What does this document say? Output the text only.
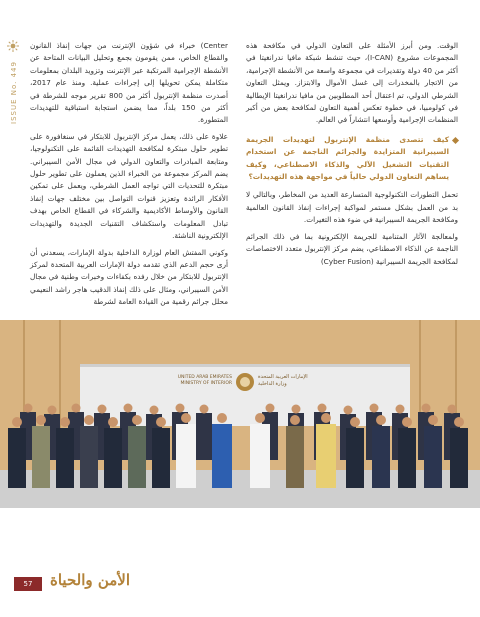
ISSUE No. 449

الوقت. ومن أبرز الأمثلة على التعاون الدولي في مكافحة هذه المجموعات مشروع (I-CAN)، حيث تنشط شبكة مافيا ندرانغيتا في أكثر من 40 دولة وتقديرات في مجموعة واسعة من الأنشطة الإجرامية، من الاتجار بالمخدرات إلى غسل الأموال والابتزاز. ويمثل التعاون الشرطي الدولي، تم اعتقال أحد المطلوبين من مافيا ندرانغيتا الإيطالية في كولومبيا، في خطوة تعكس أهمية التعاون لمكافحة بعض من أكبر المنظمات الإجرامية وأوسعها انتشاراً في العالم.

كيف تتصدى منظمة الإنتربول لتهديدات الجريمة السيبرانية المتزايدة والجرائم الناجمة عن استخدام التقنيات التشغيل الآلي والذكاء الاصطناعي، وكيف يساهم التعاون الدولي حالياً في مواجهة هذه التهديدات؟

تحمل التطورات التكنولوجية المتسارعة العديد من المخاطر، وبالتالي لا بد من العمل بشكل مستمر لمواكبة إجراءات إنفاذ القانون العالمية ومكافحة الجريمة السيبرانية في ضوء هذه التغيرات.

ولمعالجة الآثار المتنامية للجريمة الإلكترونية بما في ذلك الجرائم الناجمة عن الذكاء الاصطناعي، يضم مركز الإنتربول متعدد الاختصاصات لمكافحة الجريمة السيبرانية (Cyber Fusion)

Center) خبراء في شؤون الإنترنت من جهات إنفاذ القانون والقطاع الخاص، ممن يقومون بجمع وتحليل البيانات المتاحة عن الأنشطة الإجرامية المرتكبة عبر الإنترنت وتزويد البلدان بمعلومات متكاملة يمكن تحويلها إلى إجراءات عملية. ومنذ عام 2017، أصدرت منظمة الإنتربول أكثر من 800 تقرير موجه للشرطة في أكثر من 150 بلداً، مما يضمن استجابة استباقية للتهديدات المتطورة.

علاوة على ذلك، يعمل مركز الإنتربول للابتكار في سنغافورة على تطوير حلول مبتكرة لمكافحة التهديدات القائمة على التكنولوجيا، ومتابعة المبادرات والتعاون الدولي في مجال الأمن السيبراني. يضم المركز مجموعة من الخبراء الذين يعملون على تطوير حلول مبتكرة للتحديات التي تواجه العمل الشرطي، ويعمل على تمكين الأفكار الرائدة وتعزيز قنوات التواصل بين مختلف جهات إنفاذ القانون والأوساط الأكاديمية والشركاء في القطاع الخاص بهدف تبادل المعلومات واستكشاف التقنيات الجديدة والتهديدات الإلكترونية الناشئة.

وكوني المفتش العام لوزارة الداخلية بدولة الإمارات، يسعدني أن أرى حجم الدعم الذي تقدمه دولة الإمارات العربية المتحدة لمركز الإنتربول للابتكار من خلال رفده بكفاءات وخبرات وطنية في مجال الأمن السيبراني، ومثال على ذلك إنفاذ الدقيب هاجر راشد النعيمي محلل جرائم رقمية من القيادة العامة لشرطة

UNITED ARAB EMIRATES
MINISTRY OF INTERIOR
الإمارات العربية المتحدة
وزارة الداخلية
57	الأمن والحياة
